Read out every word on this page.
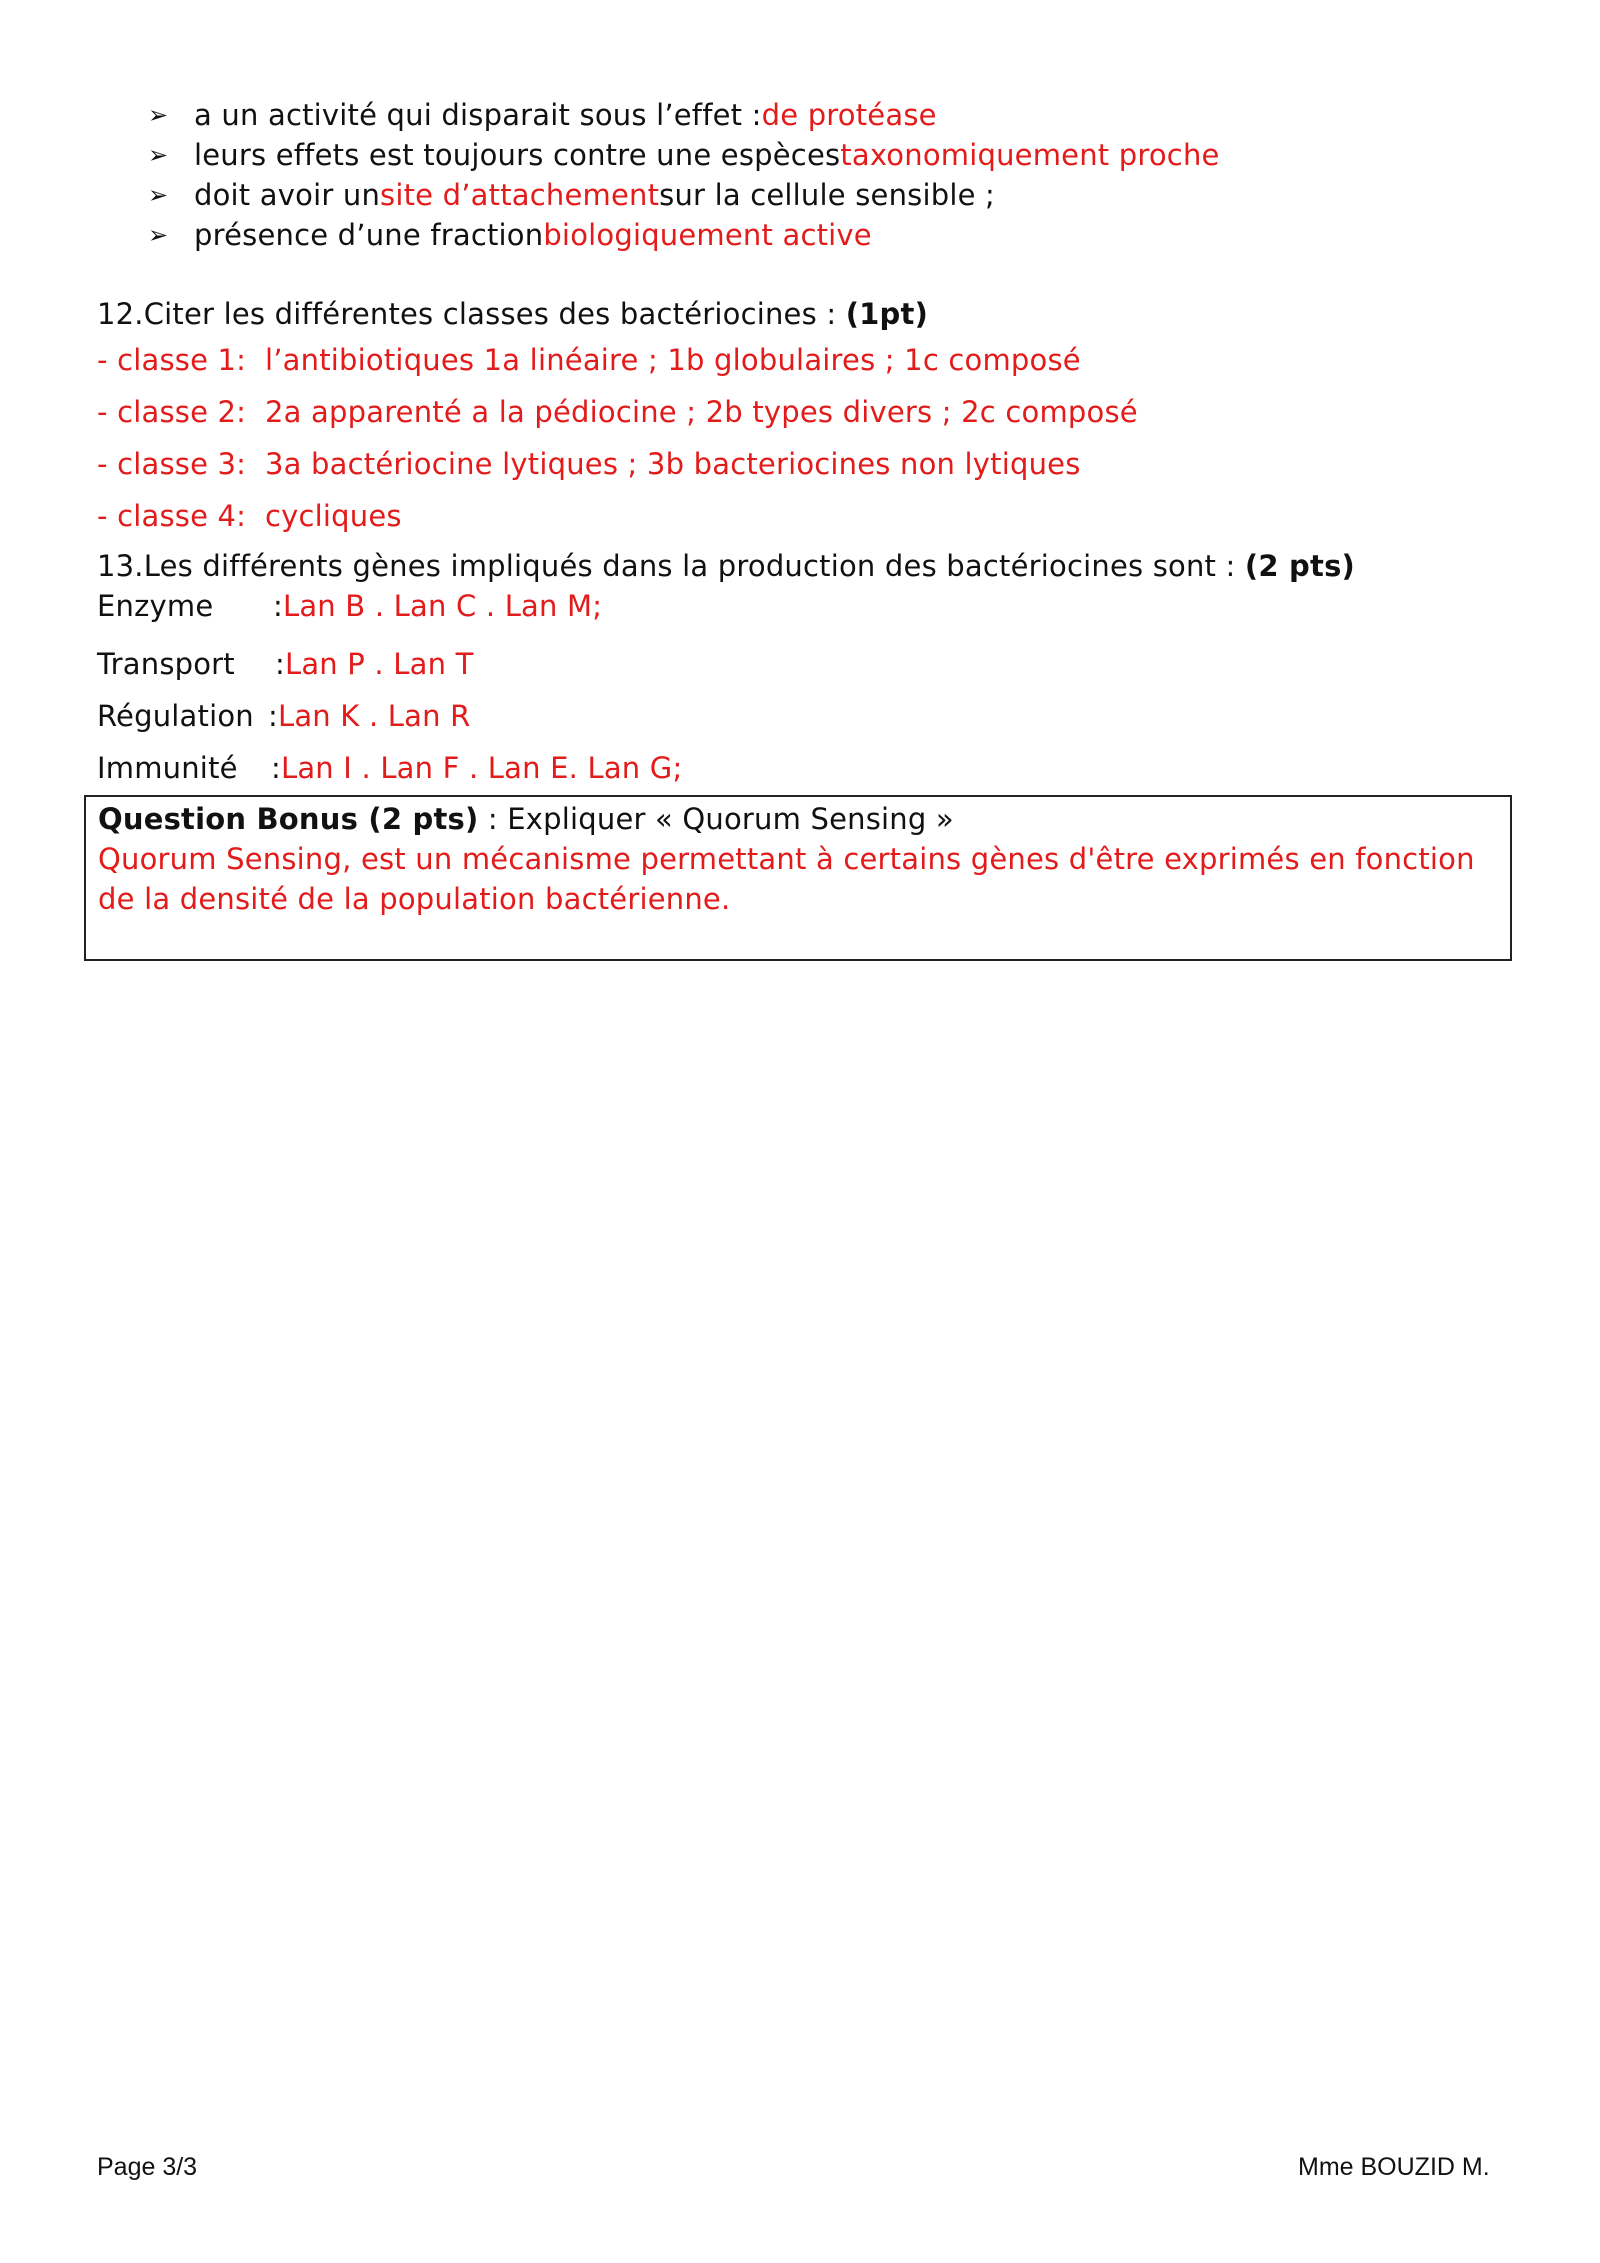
➢ a un activité qui disparait sous l’effet : de protéase
➢ leurs effets est toujours contre une espèces taxonomiquement proche
➢ doit avoir un site d’attachement sur la cellule sensible ;
➢ présence d’une fraction biologiquement active
12.Citer les différentes classes des bactériocines : (1pt)
- classe 1: l’antibiotiques 1a linéaire ; 1b globulaires ; 1c composé
- classe 2: 2a apparenté a la pédiocine ; 2b types divers ; 2c composé
- classe 3: 3a bactériocine lytiques ; 3b bacteriocines non lytiques
- classe 4: cycliques
13.Les différents gènes impliqués dans la production des bactériocines sont : (2 pts)
Enzyme	: Lan B . Lan C . Lan M;
Transport	: Lan P . Lan T
Régulation : Lan K . Lan R
Immunité	: Lan I . Lan F . Lan E. Lan G;
Question Bonus (2 pts) : Expliquer « Quorum Sensing »
Quorum Sensing, est un mécanisme permettant à certains gènes d'être exprimés en fonction de la densité de la population bactérienne.
Page 3/3	Mme BOUZID M.
